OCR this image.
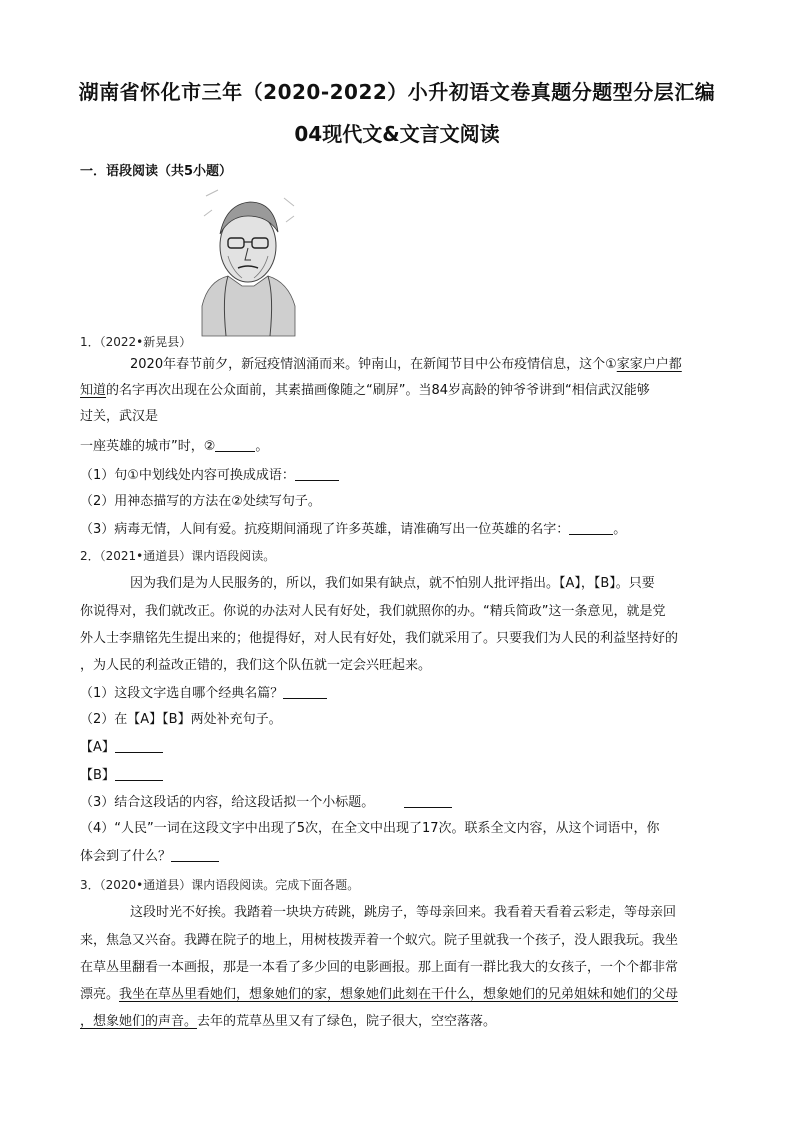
湖南省怀化市三年（2020-2022）小升初语文卷真题分题型分层汇编
04现代文&文言文阅读
一．语段阅读（共5小题）
1．（2022•新晃县）
2020年春节前夕，新冠疫情汹涌而来。钟南山，在新闻节目中公布疫情信息，这个①家家户户都
知道的名字再次出现在公众面前，其素描画像随之“刷屏”。当84岁高龄的钟爷爷讲到“相信武汉能够
过关，武汉是
一座英雄的城市”时，②	。
（1）句①中划线处内容可换成成语：
（2）用神态描写的方法在②处续写句子。
（3）病毒无情，人间有爱。抗疫期间涌现了许多英雄，请准确写出一位英雄的名字：	。
2．（2021•通道县）课内语段阅读。
因为我们是为人民服务的，所以，我们如果有缺点，就不怕别人批评指出。【A】，【B】。只要
你说得对，我们就改正。你说的办法对人民有好处，我们就照你的办。“精兵简政”这一条意见，就是党
外人士李鼎铭先生提出来的；他提得好，对人民有好处，我们就采用了。只要我们为人民的利益坚持好的
，为人民的利益改正错的，我们这个队伍就一定会兴旺起来。
（1）这段文字选自哪个经典名篇？
（2）在【A】【B】两处补充句子。
【A】
【B】
（3）结合这段话的内容，给这段话拟一个小标题。
（4）“人民”一词在这段文字中出现了5次，在全文中出现了17次。联系全文内容，从这个词语中，你
体会到了什么？
3．（2020•通道县）课内语段阅读。完成下面各题。
这段时光不好挨。我踏着一块块方砖跳，跳房子，等母亲回来。我看着天看着云彩走，等母亲回
来，焦急又兴奋。我蹲在院子的地上，用树枝拨弄着一个蚁穴。院子里就我一个孩子，没人跟我玩。我坐
在草丛里翻看一本画报，那是一本看了多少回的电影画报。那上面有一群比我大的女孩子，一个个都非常
漂亮。我坐在草丛里看她们，想象她们的家，想象她们此刻在干什么，想象她们的兄弟姐妹和她们的父母
，想象她们的声音。去年的荒草丛里又有了绿色，院子很大，空空落落。
